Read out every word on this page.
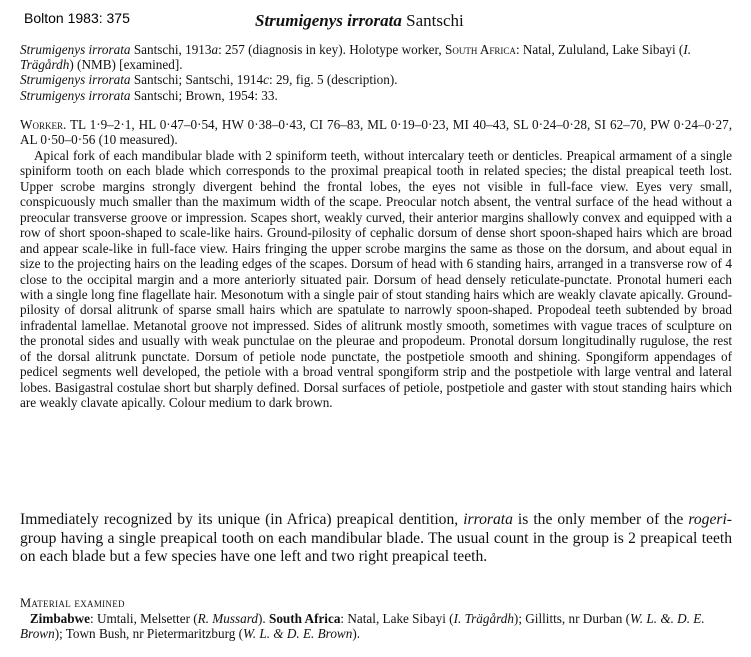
Bolton 1983: 375	Strumigenys irrorata Santschi

Strumigenys irrorata Santschi, 1913a: 257 (diagnosis in key). Holotype worker, South Africa: Natal, Zululand, Lake Sibayi (I. Trägårdh) (NMB) [examined].

Strumigenys irrorata Santschi; Santschi, 1914c: 29, fig. 5 (description).

Strumigenys irrorata Santschi; Brown, 1954: 33.

Worker. TL 1·9–2·1, HL 0·47–0·54, HW 0·38–0·43, CI 76–83, ML 0·19–0·23, MI 40–43, SL 0·24–0·28, SI 62–70, PW 0·24–0·27, AL 0·50–0·56 (10 measured).

Apical fork of each mandibular blade with 2 spiniform teeth, without intercalary teeth or denticles. Preapical armament of a single spiniform tooth on each blade which corresponds to the proximal preapical tooth in related species; the distal preapical teeth lost. Upper scrobe margins strongly divergent behind the frontal lobes, the eyes not visible in full-face view. Eyes very small, conspicuously much smaller than the maximum width of the scape. Preocular notch absent, the ventral surface of the head without a preocular transverse groove or impression. Scapes short, weakly curved, their anterior margins shallowly convex and equipped with a row of short spoon-shaped to scale-like hairs. Ground-pilosity of cephalic dorsum of dense short spoon-shaped hairs which are broad and appear scale-like in full-face view. Hairs fringing the upper scrobe margins the same as those on the dorsum, and about equal in size to the projecting hairs on the leading edges of the scapes. Dorsum of head with 6 standing hairs, arranged in a transverse row of 4 close to the occipital margin and a more anteriorly situated pair. Dorsum of head densely reticulate-punctate. Pronotal humeri each with a single long fine flagellate hair. Mesonotum with a single pair of stout standing hairs which are weakly clavate apically. Ground-pilosity of dorsal alitrunk of sparse small hairs which are spatulate to narrowly spoon-shaped. Propodeal teeth subtended by broad infradental lamellae. Metanotal groove not impressed. Sides of alitrunk mostly smooth, sometimes with vague traces of sculpture on the pronotal sides and usually with weak punctulae on the pleurae and propodeum. Pronotal dorsum longitudinally rugulose, the rest of the dorsal alitrunk punctate. Dorsum of petiole node punctate, the postpetiole smooth and shining. Spongiform appendages of pedicel segments well developed, the petiole with a broad ventral spongiform strip and the postpetiole with large ventral and lateral lobes. Basigastral costulae short but sharply defined. Dorsal surfaces of petiole, postpetiole and gaster with stout standing hairs which are weakly clavate apically. Colour medium to dark brown.

Immediately recognized by its unique (in Africa) preapical dentition, irrorata is the only member of the rogeri-group having a single preapical tooth on each mandibular blade. The usual count in the group is 2 preapical teeth on each blade but a few species have one left and two right preapical teeth.

Material examined

Zimbabwe: Umtali, Melsetter (R. Mussard). South Africa: Natal, Lake Sibayi (I. Trägårdh); Gillitts, nr Durban (W. L. &. D. E. Brown); Town Bush, nr Pietermaritzburg (W. L. & D. E. Brown).
